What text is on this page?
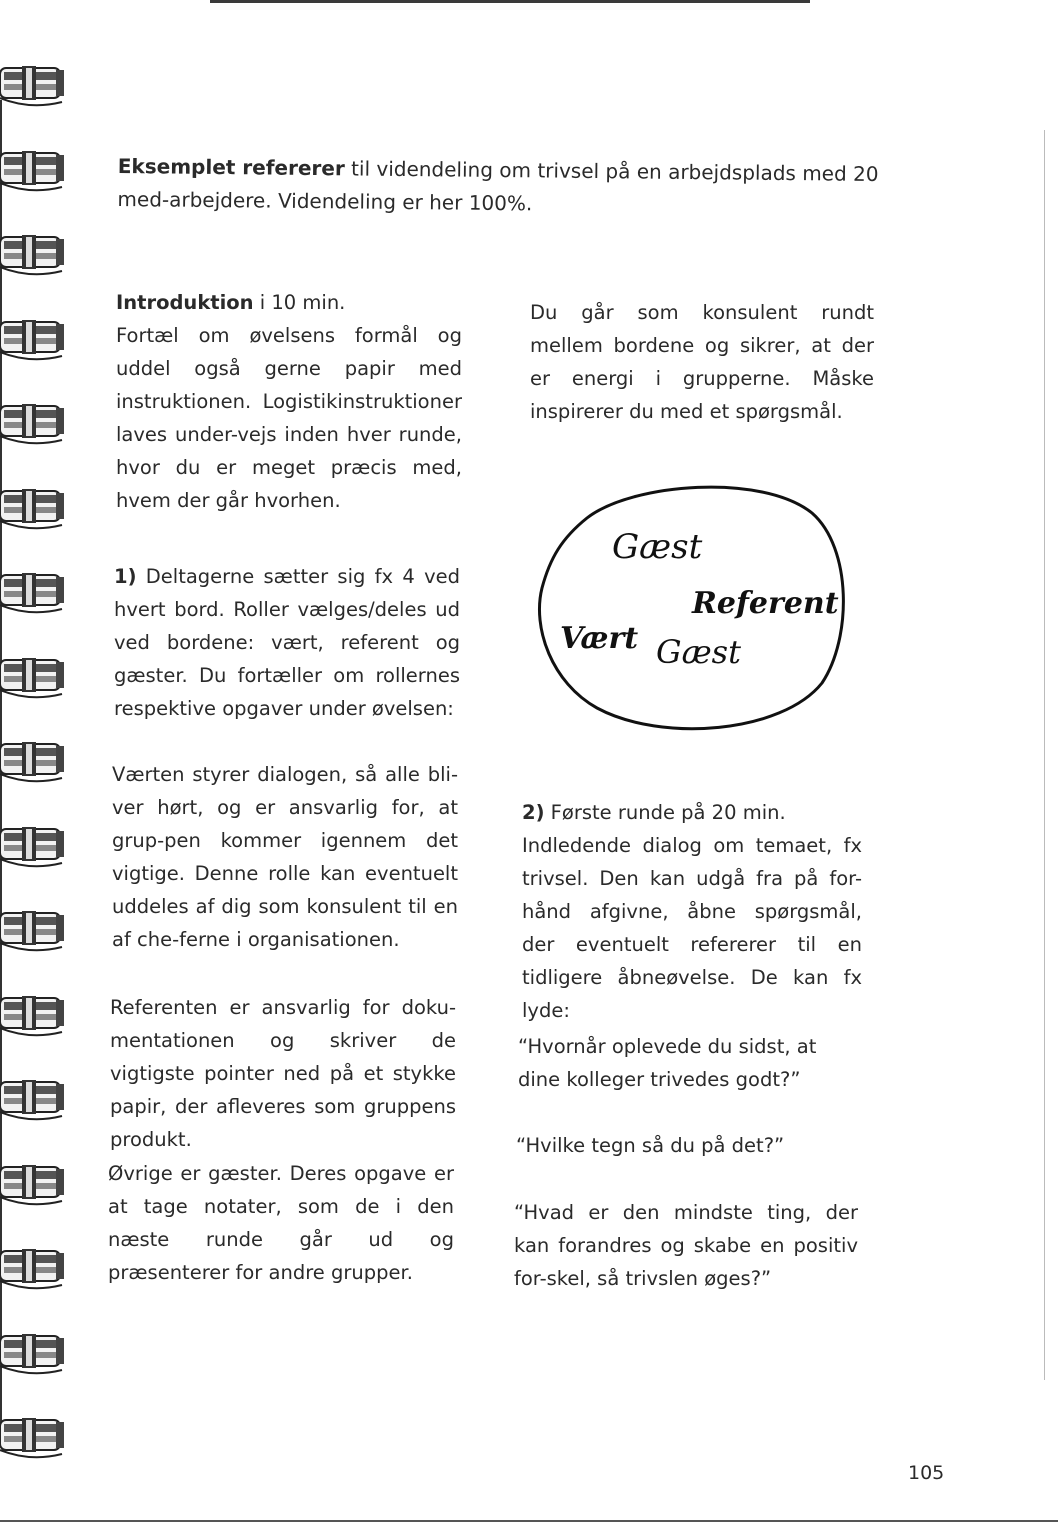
Eksemplet refererer til videndeling om trivsel på en arbejdsplads med 20 med-arbejdere. Videndeling er her 100%.

Introduktion i 10 min.

Fortæl om øvelsens formål og uddel også gerne papir med instruktionen. Logistikinstruktioner laves under-vejs inden hver runde, hvor du er meget præcis med, hvem der går hvorhen.

1) Deltagerne sætter sig fx 4 ved hvert bord. Roller vælges/deles ud ved bordene: vært, referent og gæster. Du fortæller om rollernes respektive opgaver under øvelsen:

Værten styrer dialogen, så alle bli-ver hørt, og er ansvarlig for, at grup-pen kommer igennem det vigtige. Denne rolle kan eventuelt uddeles af dig som konsulent til en af che-ferne i organisationen.

Referenten er ansvarlig for doku-mentationen og skriver de vigtigste pointer ned på et stykke papir, der afleveres som gruppens produkt.

Øvrige er gæster. Deres opgave er at tage notater, som de i den næste runde går ud og præsenterer for andre grupper.

Du går som konsulent rundt mellem bordene og sikrer, at der er energi i grupperne. Måske inspirerer du med et spørgsmål.

Gæst
Referent
Vært Gæst

2) Første runde på 20 min.

Indledende dialog om temaet, fx trivsel. Den kan udgå fra på for-hånd afgivne, åbne spørgsmål, der eventuelt refererer til en tidligere åbneøvelse. De kan fx lyde:

“Hvornår oplevede du sidst, at dine kolleger trivedes godt?”

“Hvilke tegn så du på det?”

“Hvad er den mindste ting, der kan forandres og skabe en positiv for-skel, så trivslen øges?”

105
